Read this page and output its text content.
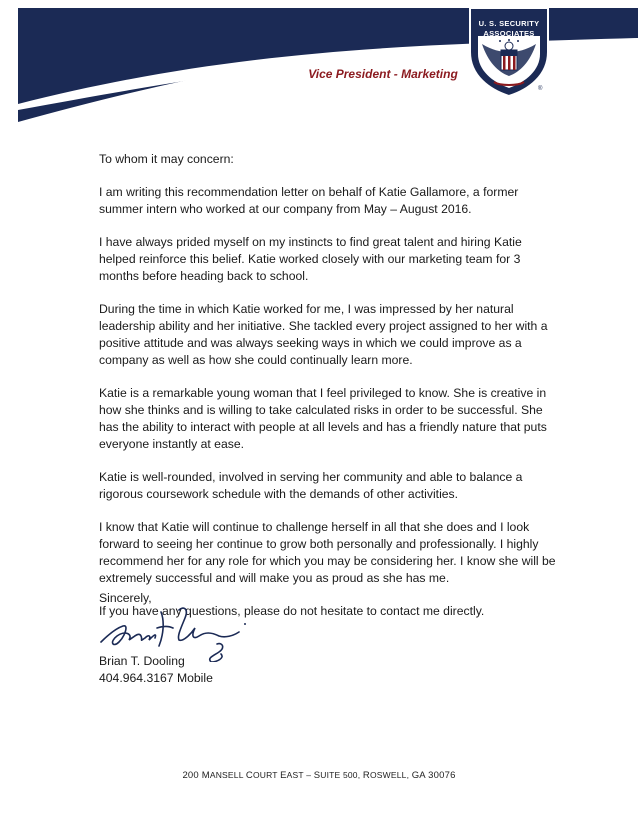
U. S. SECURITY
ASSOCIATES
®
Vice President - Marketing

To whom it may concern:

I am writing this recommendation letter on behalf of Katie Gallamore, a former summer intern who worked at our company from May – August 2016.

I have always prided myself on my instincts to find great talent and hiring Katie helped reinforce this belief. Katie worked closely with our marketing team for 3 months before heading back to school.

During the time in which Katie worked for me, I was impressed by her natural leadership ability and her initiative. She tackled every project assigned to her with a positive attitude and was always seeking ways in which we could improve as a company as well as how she could continually learn more.

Katie is a remarkable young woman that I feel privileged to know. She is creative in how she thinks and is willing to take calculated risks in order to be successful. She has the ability to interact with people at all levels and has a friendly nature that puts everyone instantly at ease.

Katie is well-rounded, involved in serving her community and able to balance a rigorous coursework schedule with the demands of other activities.

I know that Katie will continue to challenge herself in all that she does and I look forward to seeing her continue to grow both personally and professionally. I highly recommend her for any role for which you may be considering her. I know she will be extremely successful and will make you as proud as she has me.

If you have any questions, please do not hesitate to contact me directly.

Sincerely,

Brian T. Dooling
404.964.3167 Mobile
200 MANSELL COURT EAST – SUITE 500, ROSWELL, GA 30076
